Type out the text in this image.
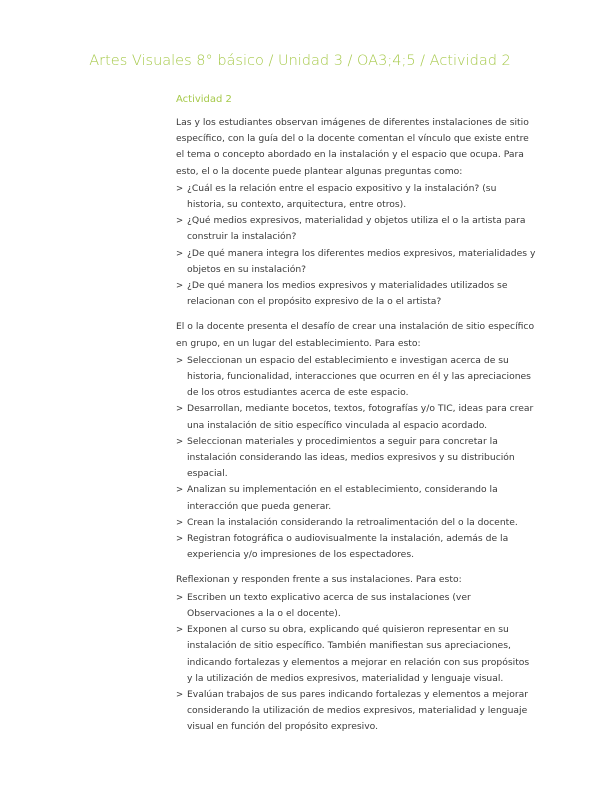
Artes Visuales 8° básico / Unidad 3 / OA3;4;5 / Actividad 2
Actividad 2

Las y los estudiantes observan imágenes de diferentes instalaciones de sitio específico, con la guía del o la docente comentan el vínculo que existe entre el tema o concepto abordado en la instalación y el espacio que ocupa. Para esto, el o la docente puede plantear algunas preguntas como:

> ¿Cuál es la relación entre el espacio expositivo y la instalación? (su historia, su contexto, arquitectura, entre otros).
> ¿Qué medios expresivos, materialidad y objetos utiliza el o la artista para construir la instalación?
> ¿De qué manera integra los diferentes medios expresivos, materialidades y objetos en su instalación?
> ¿De qué manera los medios expresivos y materialidades utilizados se relacionan con el propósito expresivo de la o el artista?

El o la docente presenta el desafío de crear una instalación de sitio específico en grupo, en un lugar del establecimiento. Para esto:

> Seleccionan un espacio del establecimiento e investigan acerca de su historia, funcionalidad, interacciones que ocurren en él y las apreciaciones de los otros estudiantes acerca de este espacio.
> Desarrollan, mediante bocetos, textos, fotografías y/o TIC, ideas para crear una instalación de sitio específico vinculada al espacio acordado.
> Seleccionan materiales y procedimientos a seguir para concretar la instalación considerando las ideas, medios expresivos y su distribución espacial.
> Analizan su implementación en el establecimiento, considerando la interacción que pueda generar.
> Crean la instalación considerando la retroalimentación del o la docente.
> Registran fotográfica o audiovisualmente la instalación, además de la experiencia y/o impresiones de los espectadores.

Reflexionan y responden frente a sus instalaciones. Para esto:

> Escriben un texto explicativo acerca de sus instalaciones (ver Observaciones a la o el docente).
> Exponen al curso su obra, explicando qué quisieron representar en su instalación de sitio específico. También manifiestan sus apreciaciones, indicando fortalezas y elementos a mejorar en relación con sus propósitos y la utilización de medios expresivos, materialidad y lenguaje visual.
> Evalúan trabajos de sus pares indicando fortalezas y elementos a mejorar considerando la utilización de medios expresivos, materialidad y lenguaje visual en función del propósito expresivo.
